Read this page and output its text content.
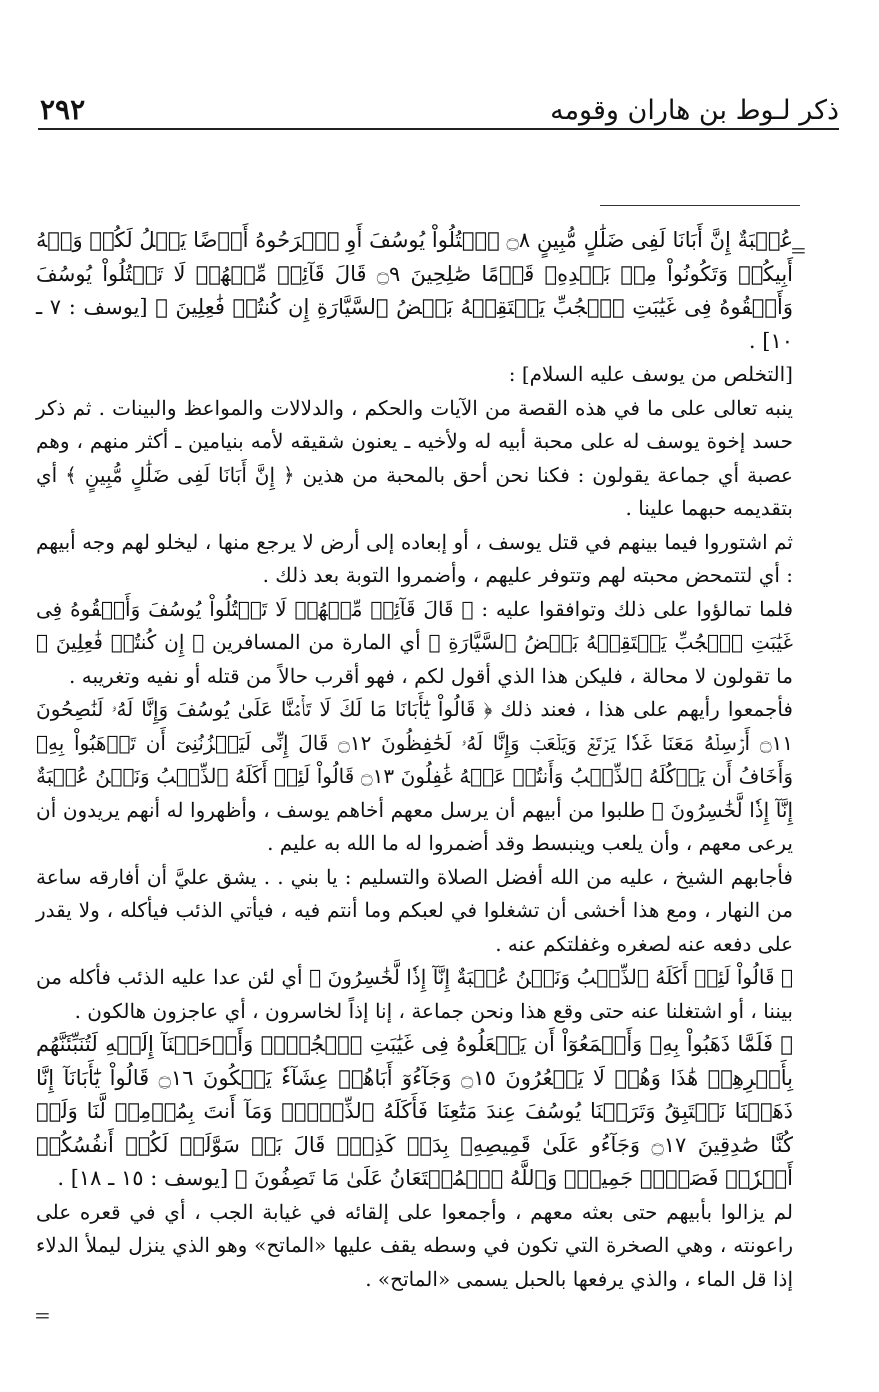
٢٩٢	ذكر لـوط بن هاران وقومه
=
=

عُصۡبَةٌ إِنَّ أَبَانَا لَفِى ضَلَٰلٍ مُّبِينٍ ۝٨ ٱقۡتُلُواْ يُوسُفَ أَوِ ٱطۡرَحُوهُ أَرۡضًا يَخۡلُ لَكُمۡ وَجۡهُ أَبِيكُمۡ وَتَكُونُواْ مِنۢ بَعۡدِهِۦ قَوۡمًا صَٰلِحِينَ ۝٩ قَالَ قَآئِلٞ مِّنۡهُمۡ لَا تَقۡتُلُواْ يُوسُفَ وَأَلۡقُوهُ فِى غَيَٰبَتِ ٱلۡجُبِّ يَلۡتَقِطۡهُ بَعۡضُ ٱلسَّيَّارَةِ إِن كُنتُمۡ فَٰعِلِينَ ﴾ [يوسف : ٧ ـ ١٠] .

[التخلص من يوسف عليه السلام] :

ينبه تعالى على ما في هذه القصة من الآيات والحكم ، والدلالات والمواعظ والبينات . ثم ذكر حسد إخوة يوسف له على محبة أبيه له ولأخيه ـ يعنون شقيقه لأمه بنيامين ـ أكثر منهم ، وهم عصبة أي جماعة يقولون : فكنا نحن أحق بالمحبة من هذين ﴿ إِنَّ أَبَانَا لَفِى ضَلَٰلٍ مُّبِينٍ ﴾ أي بتقديمه حبهما علينا .

ثم اشتوروا فيما بينهم في قتل يوسف ، أو إبعاده إلى أرض لا يرجع منها ، ليخلو لهم وجه أبيهم : أي لتتمحض محبته لهم وتتوفر عليهم ، وأضمروا التوبة بعد ذلك .

فلما تمالؤوا على ذلك وتوافقوا عليه : ﴿ قَالَ قَآئِلٞ مِّنۡهُمۡ لَا تَقۡتُلُواْ يُوسُفَ وَأَلۡقُوهُ فِى غَيَٰبَتِ ٱلۡجُبِّ يَلۡتَقِطۡهُ بَعۡضُ ٱلسَّيَّارَةِ ﴾ أي المارة من المسافرين ﴿ إِن كُنتُمۡ فَٰعِلِينَ ﴾ ما تقولون لا محالة ، فليكن هذا الذي أقول لكم ، فهو أقرب حالاً من قتله أو نفيه وتغريبه .

فأجمعوا رأيهم على هذا ، فعند ذلك ﴿ قَالُواْ يَٰٓأَبَانَا مَا لَكَ لَا تَأۡمَ۬نَّا عَلَىٰ يُوسُفَ وَإِنَّا لَهُۥ لَنَٰصِحُونَ ۝١١ أَرۡسِلۡهُ مَعَنَا غَدٗا يَرۡتَعۡ وَيَلۡعَبۡ وَإِنَّا لَهُۥ لَحَٰفِظُونَ ۝١٢ قَالَ إِنِّى لَيَحۡزُنُنِىٓ أَن تَذۡهَبُواْ بِهِۦ وَأَخَافُ أَن يَأۡكُلَهُ ٱلذِّئۡبُ وَأَنتُمۡ عَنۡهُ غَٰفِلُونَ ۝١٣ قَالُواْ لَئِنۡ أَكَلَهُ ٱلذِّئۡبُ وَنَحۡنُ عُصۡبَةٌ إِنَّآ إِذٗا لَّخَٰسِرُونَ ﴾ طلبوا من أبيهم أن يرسل معهم أخاهم يوسف ، وأظهروا له أنهم يريدون أن يرعى معهم ، وأن يلعب وينبسط وقد أضمروا له ما الله به عليم .

فأجابهم الشيخ ، عليه من الله أفضل الصلاة والتسليم : يا بني . . يشق عليَّ أن أفارقه ساعة من النهار ، ومع هذا أخشى أن تشغلوا في لعبكم وما أنتم فيه ، فيأتي الذئب فيأكله ، ولا يقدر على دفعه عنه لصغره وغفلتكم عنه .

﴿ قَالُواْ لَئِنۡ أَكَلَهُ ٱلذِّئۡبُ وَنَحۡنُ عُصۡبَةٌ إِنَّآ إِذٗا لَّخَٰسِرُونَ ﴾ أي لئن عدا عليه الذئب فأكله من بيننا ، أو اشتغلنا عنه حتى وقع هذا ونحن جماعة ، إنا إذاً لخاسرون ، أي عاجزون هالكون .

﴿ فَلَمَّا ذَهَبُواْ بِهِۦ وَأَجۡمَعُوٓاْ أَن يَجۡعَلُوهُ فِى غَيَٰبَتِ ٱلۡجُبِّۚ وَأَوۡحَيۡنَآ إِلَيۡهِ لَتُنَبِّئَنَّهُم بِأَمۡرِهِمۡ هَٰذَا وَهُمۡ لَا يَشۡعُرُونَ ۝١٥ وَجَآءُوٓ أَبَاهُمۡ عِشَآءٗ يَبۡكُونَ ۝١٦ قَالُواْ يَٰٓأَبَانَآ إِنَّا ذَهَبۡنَا نَسۡتَبِقُ وَتَرَكۡنَا يُوسُفَ عِندَ مَتَٰعِنَا فَأَكَلَهُ ٱلذِّئۡبُۖ وَمَآ أَنتَ بِمُؤۡمِنٖ لَّنَا وَلَوۡ كُنَّا صَٰدِقِينَ ۝١٧ وَجَآءُو عَلَىٰ قَمِيصِهِۦ بِدَمٖ كَذِبٖۚ قَالَ بَلۡ سَوَّلَتۡ لَكُمۡ أَنفُسُكُمۡ أَمۡرٗاۖ فَصَبۡرٞ جَمِيلٞۖ وَٱللَّهُ ٱلۡمُسۡتَعَانُ عَلَىٰ مَا تَصِفُونَ ﴾ [يوسف : ١٥ ـ ١٨] .

لم يزالوا بأبيهم حتى بعثه معهم ، وأجمعوا على إلقائه في غيابة الجب ، أي في قعره على راعونته ، وهي الصخرة التي تكون في وسطه يقف عليها «الماتح» وهو الذي ينزل ليملأ الدلاء إذا قل الماء ، والذي يرفعها بالحبل يسمى «الماتح» .
